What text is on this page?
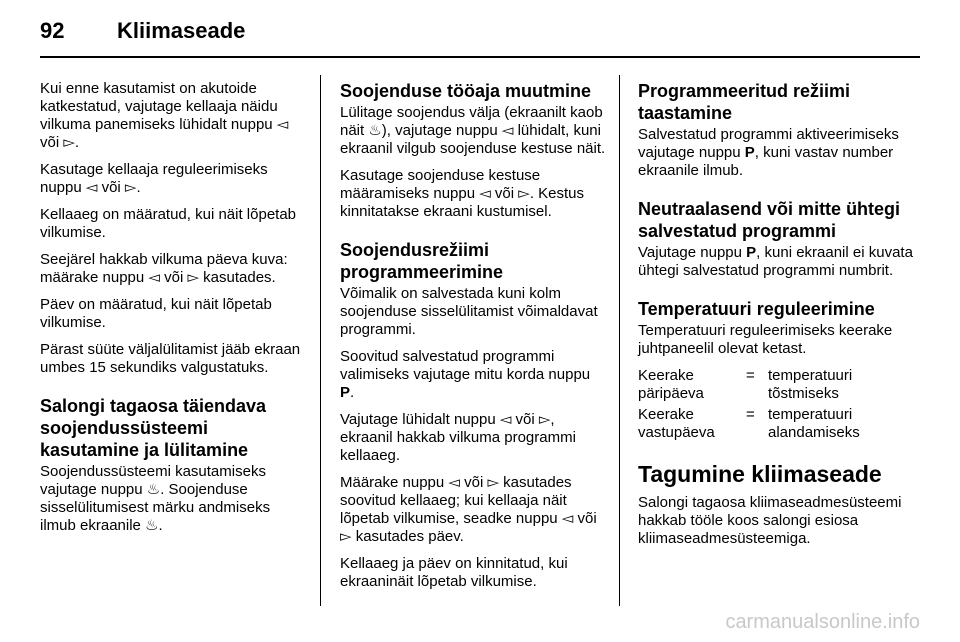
92 Kliimaseade

Kui enne kasutamist on akutoide katkestatud, vajutage kellaaja näidu vilkuma panemiseks lühidalt nuppu ◅ või ▻.

Kasutage kellaaja reguleerimiseks nuppu ◅ või ▻.

Kellaaeg on määratud, kui näit lõpetab vilkumise.

Seejärel hakkab vilkuma päeva kuva: määrake nuppu ◅ või ▻ kasutades.

Päev on määratud, kui näit lõpetab vilkumise.

Pärast süüte väljalülitamist jääb ekraan umbes 15 sekundiks valgustatuks.

Salongi tagaosa täiendava soojendussüsteemi kasutamine ja lülitamine

Soojendussüsteemi kasutamiseks vajutage nuppu ♨. Soojenduse sisselülitumisest märku andmiseks ilmub ekraanile ♨.

Soojenduse tööaja muutmine

Lülitage soojendus välja (ekraanilt kaob näit ♨), vajutage nuppu ◅ lühidalt, kuni ekraanil vilgub soojenduse kestuse näit.

Kasutage soojenduse kestuse määramiseks nuppu ◅ või ▻. Kestus kinnitatakse ekraani kustumisel.

Soojendusrežiimi programmeerimine

Võimalik on salvestada kuni kolm soojenduse sisselülitamist võimaldavat programmi.

Soovitud salvestatud programmi valimiseks vajutage mitu korda nuppu P.

Vajutage lühidalt nuppu ◅ või ▻, ekraanil hakkab vilkuma programmi kellaaeg.

Määrake nuppu ◅ või ▻ kasutades soovitud kellaaeg; kui kellaaja näit lõpetab vilkumise, seadke nuppu ◅ või ▻ kasutades päev.

Kellaaeg ja päev on kinnitatud, kui ekraaninäit lõpetab vilkumise.

Programmeeritud režiimi taastamine

Salvestatud programmi aktiveerimiseks vajutage nuppu P, kuni vastav number ekraanile ilmub.

Neutraalasend või mitte ühtegi salvestatud programmi

Vajutage nuppu P, kuni ekraanil ei kuvata ühtegi salvestatud programmi numbrit.

Temperatuuri reguleerimine

Temperatuuri reguleerimiseks keerake juhtpaneelil olevat ketast.

Keerake päripäeva
= temperatuuri tõstmiseks
Keerake vastupäeva
= temperatuuri alandamiseks
Tagumine kliimaseade

Salongi tagaosa kliimaseadmesüsteemi hakkab tööle koos salongi esiosa kliimaseadmesüsteemiga.

carmanualsonline.info
